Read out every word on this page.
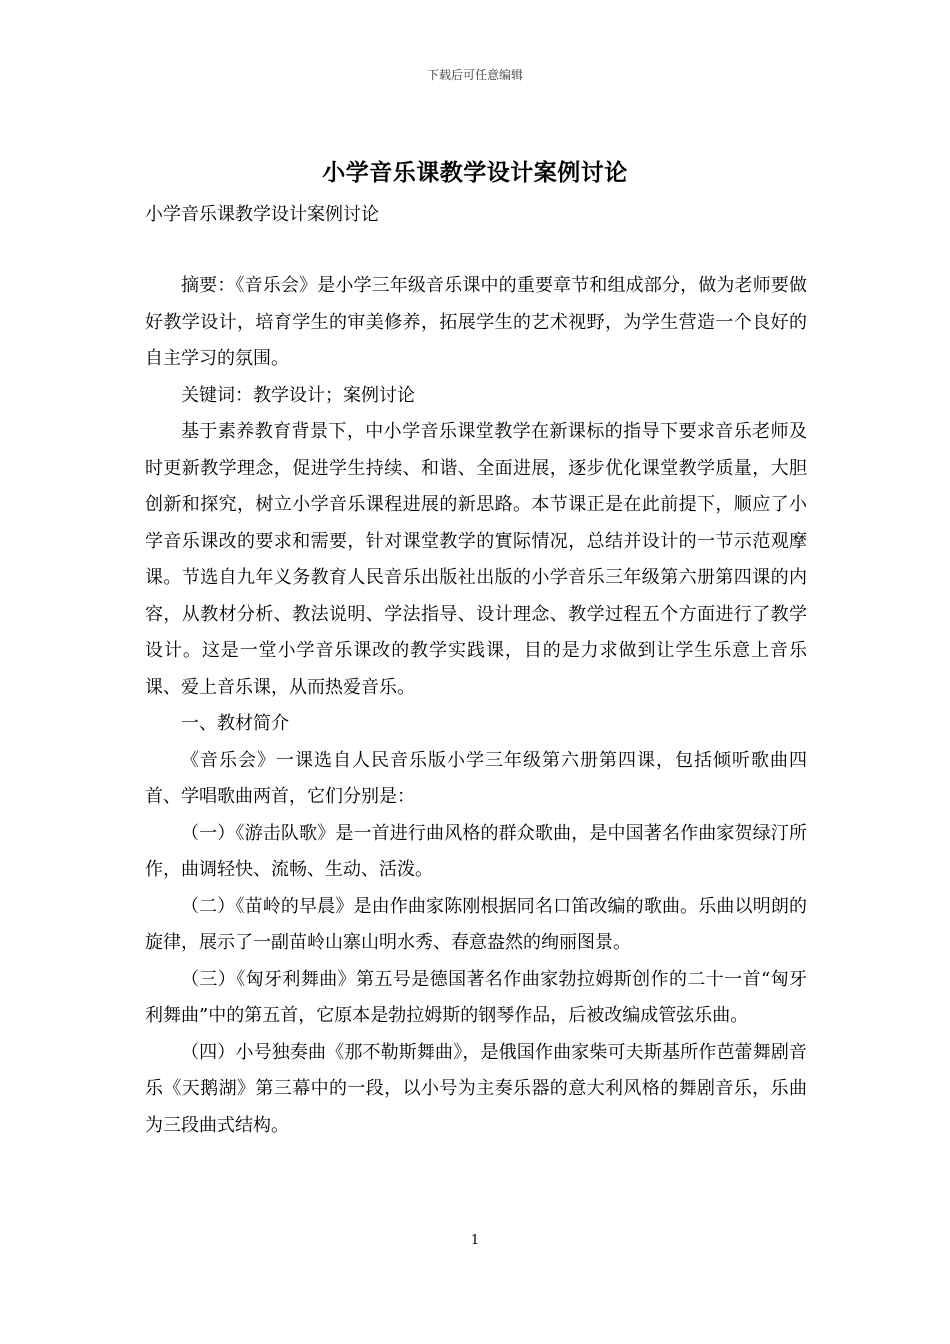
下载后可任意编辑
小学音乐课教学设计案例讨论
小学音乐课教学设计案例讨论

摘要：《音乐会》是小学三年级音乐课中的重要章节和组成部分，做为老师要做好教学设计，培育学生的审美修养，拓展学生的艺术视野，为学生营造一个良好的自主学习的氛围。

关键词：教学设计；案例讨论

基于素养教育背景下，中小学音乐课堂教学在新课标的指导下要求音乐老师及时更新教学理念，促进学生持续、和谐、全面进展，逐步优化课堂教学质量，大胆创新和探究，树立小学音乐课程进展的新思路。本节课正是在此前提下，顺应了小学音乐课改的要求和需要，针对课堂教学的實际情况，总结并设计的一节示范观摩课。节选自九年义务教育人民音乐出版社出版的小学音乐三年级第六册第四课的内容，从教材分析、教法说明、学法指导、设计理念、教学过程五个方面进行了教学设计。这是一堂小学音乐课改的教学实践课，目的是力求做到让学生乐意上音乐课、爱上音乐课，从而热爱音乐。

一、教材简介

《音乐会》一课选自人民音乐版小学三年级第六册第四课，包括倾听歌曲四首、学唱歌曲两首，它们分别是：

（一）《游击队歌》是一首进行曲风格的群众歌曲，是中国著名作曲家贺绿汀所作，曲调轻快、流畅、生动、活泼。

（二）《苗岭的早晨》是由作曲家陈刚根据同名口笛改编的歌曲。乐曲以明朗的旋律，展示了一副苗岭山寨山明水秀、春意盎然的绚丽图景。

（三）《匈牙利舞曲》第五号是德国著名作曲家勃拉姆斯创作的二十一首“匈牙利舞曲”中的第五首，它原本是勃拉姆斯的钢琴作品，后被改编成管弦乐曲。

（四）小号独奏曲《那不勒斯舞曲》，是俄国作曲家柴可夫斯基所作芭蕾舞剧音乐《天鹅湖》第三幕中的一段，以小号为主奏乐器的意大利风格的舞剧音乐，乐曲为三段曲式结构。

1
